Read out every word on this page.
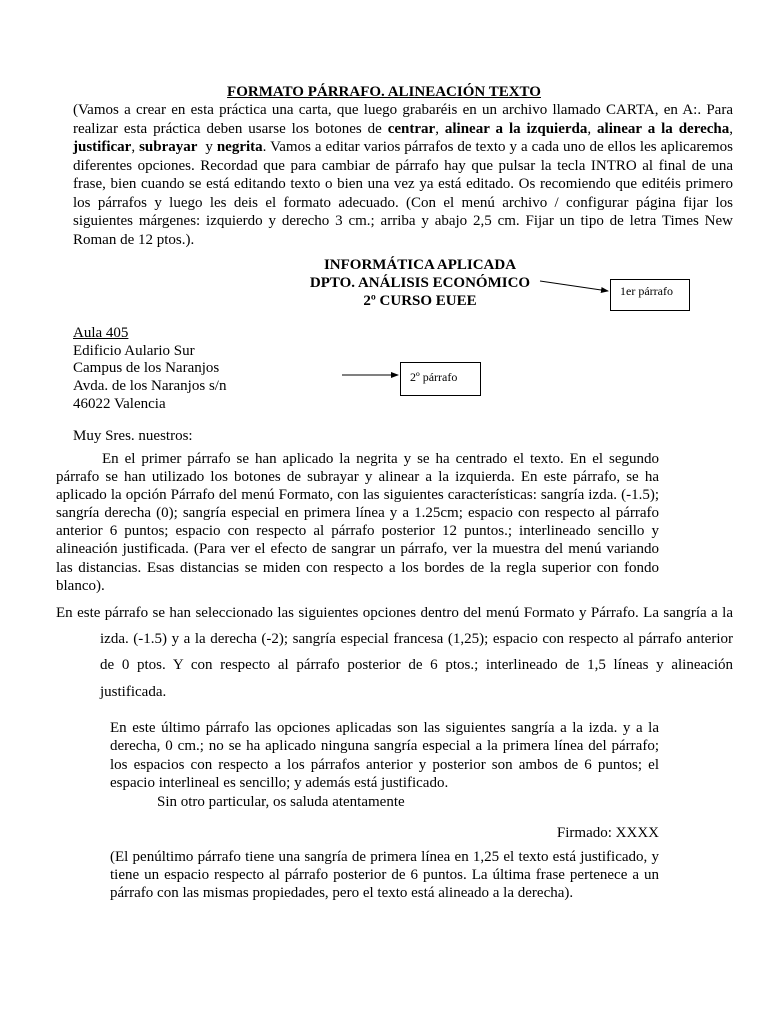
FORMATO PÁRRAFO. ALINEACIÓN TEXTO

(Vamos a crear en esta práctica una carta, que luego grabaréis en un archivo llamado CARTA, en A:. Para realizar esta práctica deben usarse los botones de centrar, alinear a la izquierda, alinear a la derecha, justificar, subrayar  y negrita. Vamos a editar varios párrafos de texto y a cada uno de ellos les aplicaremos diferentes opciones. Recordad que para cambiar de párrafo hay que pulsar la tecla INTRO al final de una frase, bien cuando se está editando texto o bien una vez ya está editado. Os recomiendo que editéis primero los párrafos y luego les deis el formato adecuado. (Con el menú archivo / configurar página fijar los siguientes márgenes: izquierdo y derecho 3 cm.; arriba y abajo 2,5 cm. Fijar un tipo de letra Times New Roman de 12 ptos.).

INFORMÁTICA APLICADA
DPTO. ANÁLISIS ECONÓMICO
2º CURSO EUEE
1er párrafo
2º párrafo
Aula 405
Edificio Aulario Sur
Campus de los Naranjos
Avda. de los Naranjos s/n
46022 Valencia
Muy Sres. nuestros:

En el primer párrafo se han aplicado la negrita y se ha centrado el texto. En el segundo párrafo se han utilizado los botones de subrayar y alinear a la izquierda. En este párrafo, se ha aplicado la opción Párrafo del menú Formato, con las siguientes características: sangría izda. (-1.5); sangría derecha (0); sangría especial en primera línea y a 1.25cm; espacio con respecto al párrafo anterior 6 puntos; espacio con respecto al párrafo posterior 12 puntos.; interlineado sencillo y alineación justificada. (Para ver el efecto de sangrar un párrafo, ver la muestra del menú variando las distancias. Esas distancias se miden con respecto a los bordes de la regla superior con fondo blanco).

En este párrafo se han seleccionado las siguientes opciones dentro del menú Formato y Párrafo. La sangría a la izda. (-1.5) y a la derecha (-2); sangría especial francesa (1,25); espacio con respecto al párrafo anterior de 0 ptos. Y con respecto al párrafo posterior de 6 ptos.; interlineado de 1,5 líneas y alineación justificada.

En este último párrafo las opciones aplicadas son las siguientes sangría a la izda. y a la derecha, 0 cm.; no se ha aplicado ninguna sangría especial a la primera línea del párrafo; los espacios con respecto a los párrafos anterior y posterior son ambos de 6 puntos; el espacio interlineal es sencillo; y además está justificado.

Sin otro particular, os saluda atentamente
Firmado: XXXX

(El penúltimo párrafo tiene una sangría de primera línea en 1,25 el texto está justificado, y tiene un espacio respecto al párrafo posterior de 6 puntos. La última frase pertenece a un párrafo con las mismas propiedades, pero el texto está alineado a la derecha).
